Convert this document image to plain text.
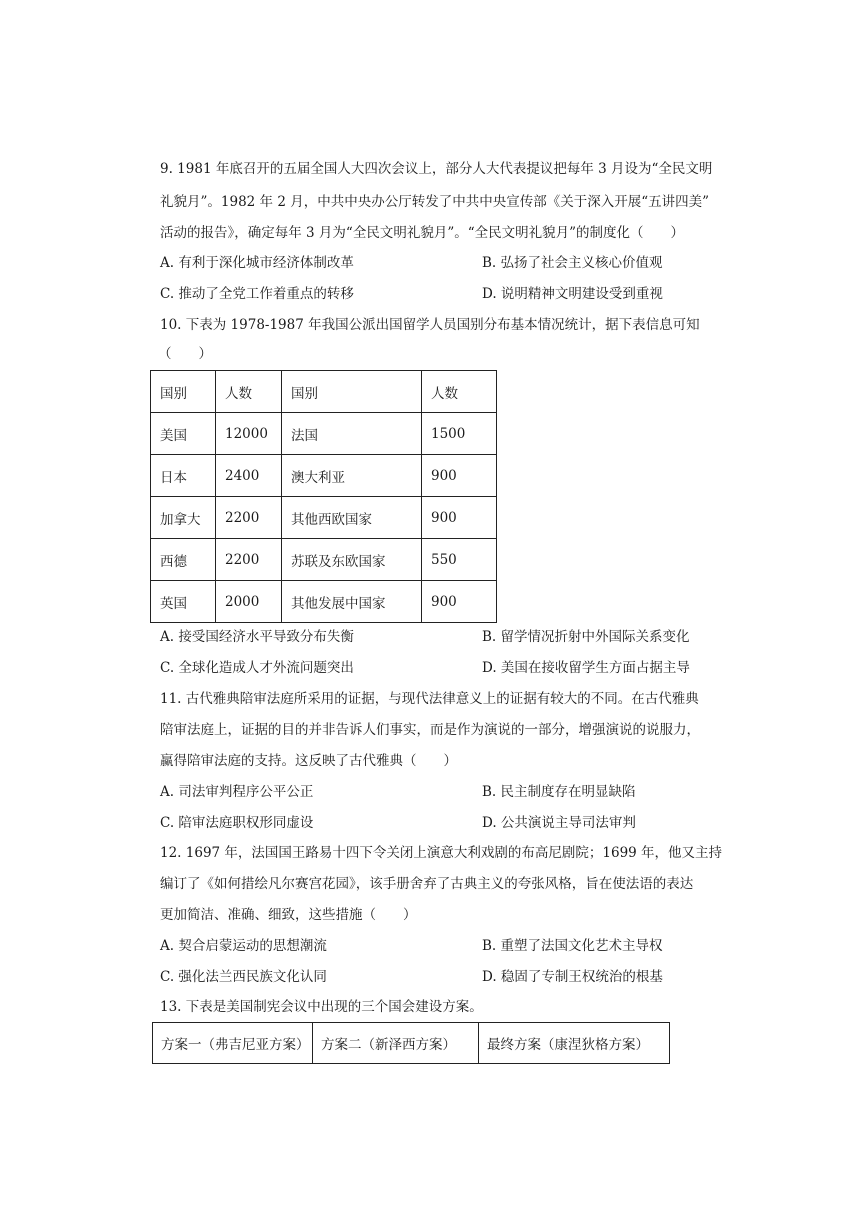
9. 1981 年底召开的五届全国人大四次会议上，部分人大代表提议把每年 3 月设为“全民文明
礼貌月”。1982 年 2 月，中共中央办公厅转发了中共中央宣传部《关于深入开展“五讲四美”
活动的报告》，确定每年 3 月为“全民文明礼貌月”。“全民文明礼貌月”的制度化（　　）
A. 有利于深化城市经济体制改革	B. 弘扬了社会主义核心价值观
C. 推动了全党工作着重点的转移	D. 说明精神文明建设受到重视
10. 下表为 1978-1987 年我国公派出国留学人员国别分布基本情况统计，据下表信息可知
（　　）
国别	人数	国别	人数
美国	12000	法国	1500
日本	2400	澳大利亚	900
加拿大	2200	其他西欧国家	900
西德	2200	苏联及东欧国家	550
英国	2000	其他发展中国家	900
A. 接受国经济水平导致分布失衡	B. 留学情况折射中外国际关系变化
C. 全球化造成人才外流问题突出	D. 美国在接收留学生方面占据主导
11. 古代雅典陪审法庭所采用的证据，与现代法律意义上的证据有较大的不同。在古代雅典
陪审法庭上，证据的目的并非告诉人们事实，而是作为演说的一部分，增强演说的说服力，
赢得陪审法庭的支持。这反映了古代雅典（　　）
A. 司法审判程序公平公正	B. 民主制度存在明显缺陷
C. 陪审法庭职权形同虚设	D. 公共演说主导司法审判
12. 1697 年，法国国王路易十四下令关闭上演意大利戏剧的布高尼剧院；1699 年，他又主持
编订了《如何措绘凡尔赛宫花园》，该手册舍弃了古典主义的夸张风格，旨在使法语的表达
更加简洁、准确、细致，这些措施（　　）
A. 契合启蒙运动的思想潮流	B. 重塑了法国文化艺术主导权
C. 强化法兰西民族文化认同	D. 稳固了专制王权统治的根基
13. 下表是美国制宪会议中出现的三个国会建设方案。
方案一（弗吉尼亚方案）	方案二（新泽西方案）	最终方案（康涅狄格方案）
